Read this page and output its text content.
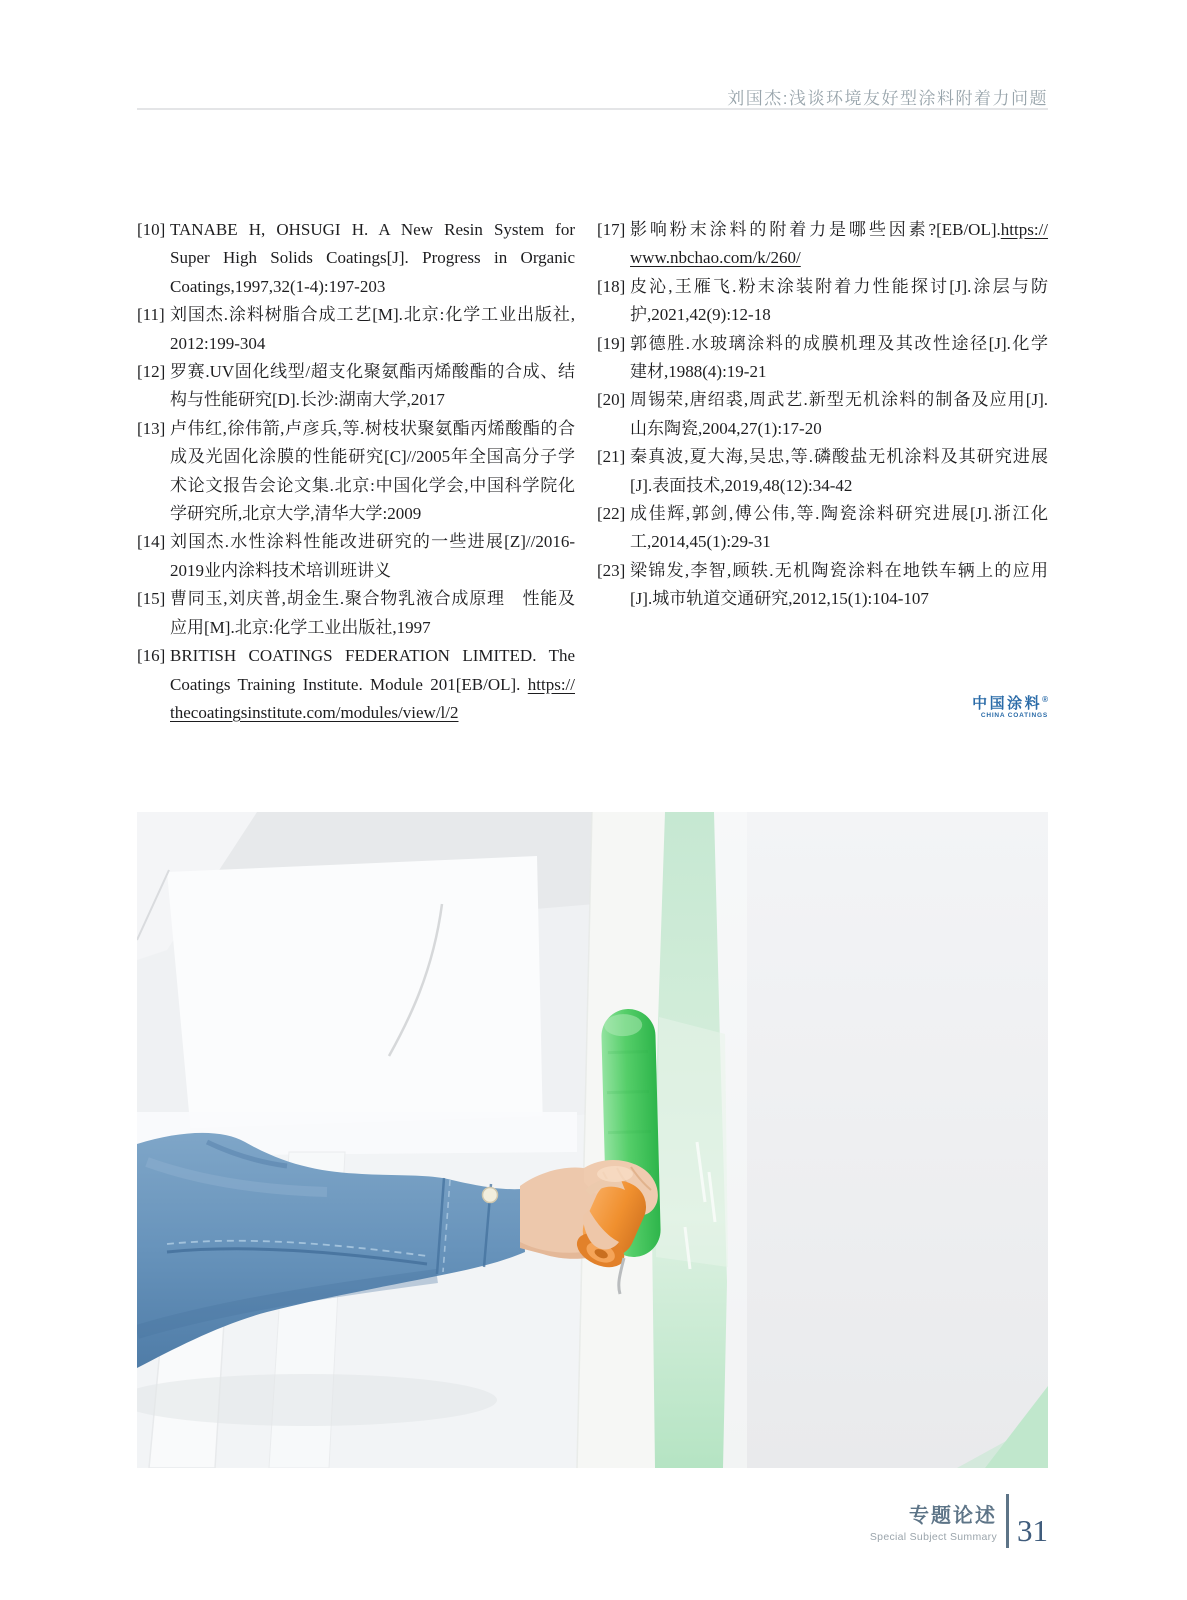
刘国杰:浅谈环境友好型涂料附着力问题
[10] TANABE H, OHSUGI H. A New Resin System for
Super High Solids Coatings[J]. Progress in Organic
Coatings,1997,32(1-4):197-203
[11] 刘国杰.涂料树脂合成工艺[M].北京:化学工业出版社,
2012:199-304
[12] 罗赛.UV固化线型/超支化聚氨酯丙烯酸酯的合成、结
构与性能研究[D].长沙:湖南大学,2017
[13] 卢伟红,徐伟箭,卢彦兵,等.树枝状聚氨酯丙烯酸酯的合
成及光固化涂膜的性能研究[C]//2005年全国高分子学
术论文报告会论文集.北京:中国化学会,中国科学院化
学研究所,北京大学,清华大学:2009
[14] 刘国杰.水性涂料性能改进研究的一些进展[Z]//2016-
2019业内涂料技术培训班讲义
[15] 曹同玉,刘庆普,胡金生.聚合物乳液合成原理　性能及
应用[M].北京:化学工业出版社,1997
[16] BRITISH COATINGS FEDERATION LIMITED. The
Coatings Training Institute. Module 201[EB/OL]. https://
thecoatingsinstitute.com/modules/view/l/2
[17] 影响粉末涂料的附着力是哪些因素?[EB/OL].https://
www.nbchao.com/k/260/
[18] 皮沁,王雁飞.粉末涂装附着力性能探讨[J].涂层与防
护,2021,42(9):12-18
[19] 郭德胜.水玻璃涂料的成膜机理及其改性途径[J].化学
建材,1988(4):19-21
[20] 周锡荣,唐绍裘,周武艺.新型无机涂料的制备及应用[J].
山东陶瓷,2004,27(1):17-20
[21] 秦真波,夏大海,吴忠,等.磷酸盐无机涂料及其研究进展
[J].表面技术,2019,48(12):34-42
[22] 成佳辉,郭剑,傅公伟,等.陶瓷涂料研究进展[J].浙江化
工,2014,45(1):29-31
[23] 梁锦发,李智,顾轶.无机陶瓷涂料在地铁车辆上的应用
[J].城市轨道交通研究,2012,15(1):104-107
中国涂料®
CHINA COATINGS
专题论述
Special Subject Summary 31
